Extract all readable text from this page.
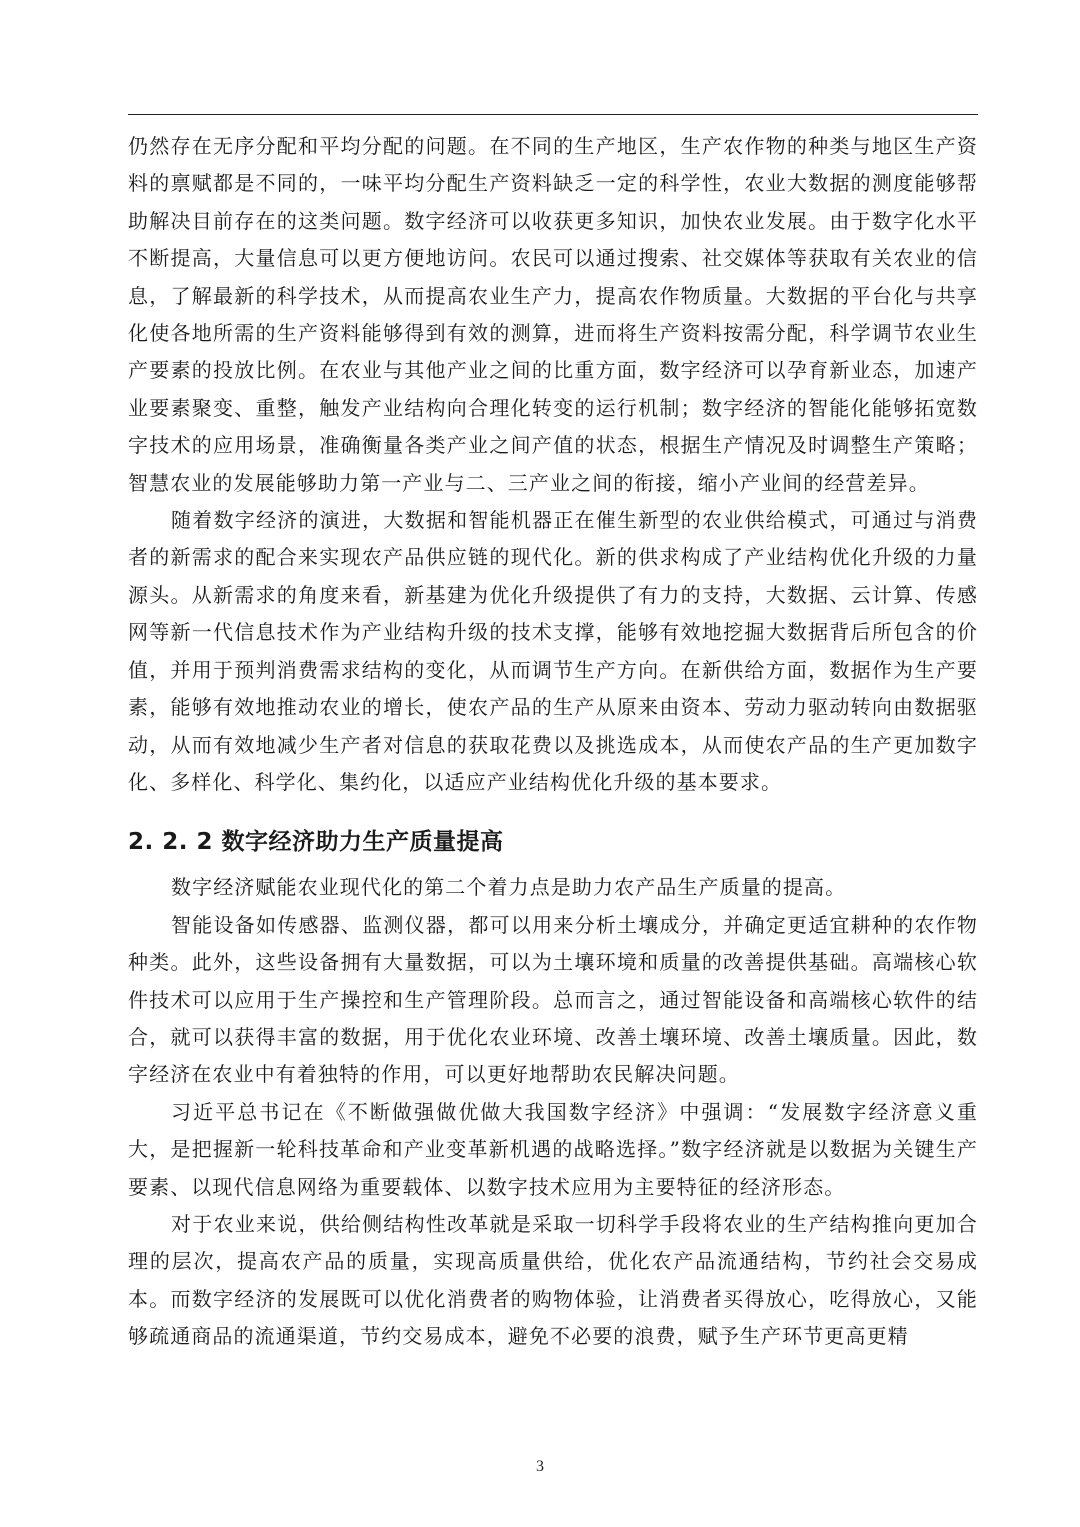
仍然存在无序分配和平均分配的问题。在不同的生产地区，生产农作物的种类与地区生产资料的禀赋都是不同的，一味平均分配生产资料缺乏一定的科学性，农业大数据的测度能够帮助解决目前存在的这类问题。数字经济可以收获更多知识，加快农业发展。由于数字化水平不断提高，大量信息可以更方便地访问。农民可以通过搜索、社交媒体等获取有关农业的信息，了解最新的科学技术，从而提高农业生产力，提高农作物质量。大数据的平台化与共享化使各地所需的生产资料能够得到有效的测算，进而将生产资料按需分配，科学调节农业生产要素的投放比例。在农业与其他产业之间的比重方面，数字经济可以孕育新业态，加速产业要素聚变、重整，触发产业结构向合理化转变的运行机制；数字经济的智能化能够拓宽数字技术的应用场景，准确衡量各类产业之间产值的状态，根据生产情况及时调整生产策略；智慧农业的发展能够助力第一产业与二、三产业之间的衔接，缩小产业间的经营差异。

随着数字经济的演进，大数据和智能机器正在催生新型的农业供给模式，可通过与消费者的新需求的配合来实现农产品供应链的现代化。新的供求构成了产业结构优化升级的力量源头。从新需求的角度来看，新基建为优化升级提供了有力的支持，大数据、云计算、传感网等新一代信息技术作为产业结构升级的技术支撑，能够有效地挖掘大数据背后所包含的价值，并用于预判消费需求结构的变化，从而调节生产方向。在新供给方面，数据作为生产要素，能够有效地推动农业的增长，使农产品的生产从原来由资本、劳动力驱动转向由数据驱动，从而有效地减少生产者对信息的获取花费以及挑选成本，从而使农产品的生产更加数字化、多样化、科学化、集约化，以适应产业结构优化升级的基本要求。

2. 2. 2 数字经济助力生产质量提高

数字经济赋能农业现代化的第二个着力点是助力农产品生产质量的提高。

智能设备如传感器、监测仪器，都可以用来分析土壤成分，并确定更适宜耕种的农作物种类。此外，这些设备拥有大量数据，可以为土壤环境和质量的改善提供基础。高端核心软件技术可以应用于生产操控和生产管理阶段。总而言之，通过智能设备和高端核心软件的结合，就可以获得丰富的数据，用于优化农业环境、改善土壤环境、改善土壤质量。因此，数字经济在农业中有着独特的作用，可以更好地帮助农民解决问题。

习近平总书记在《不断做强做优做大我国数字经济》中强调：“发展数字经济意义重大，是把握新一轮科技革命和产业变革新机遇的战略选择。”数字经济就是以数据为关键生产要素、以现代信息网络为重要载体、以数字技术应用为主要特征的经济形态。

对于农业来说，供给侧结构性改革就是采取一切科学手段将农业的生产结构推向更加合理的层次，提高农产品的质量，实现高质量供给，优化农产品流通结构，节约社会交易成本。而数字经济的发展既可以优化消费者的购物体验，让消费者买得放心，吃得放心，又能够疏通商品的流通渠道，节约交易成本，避免不必要的浪费，赋予生产环节更高更精

3
